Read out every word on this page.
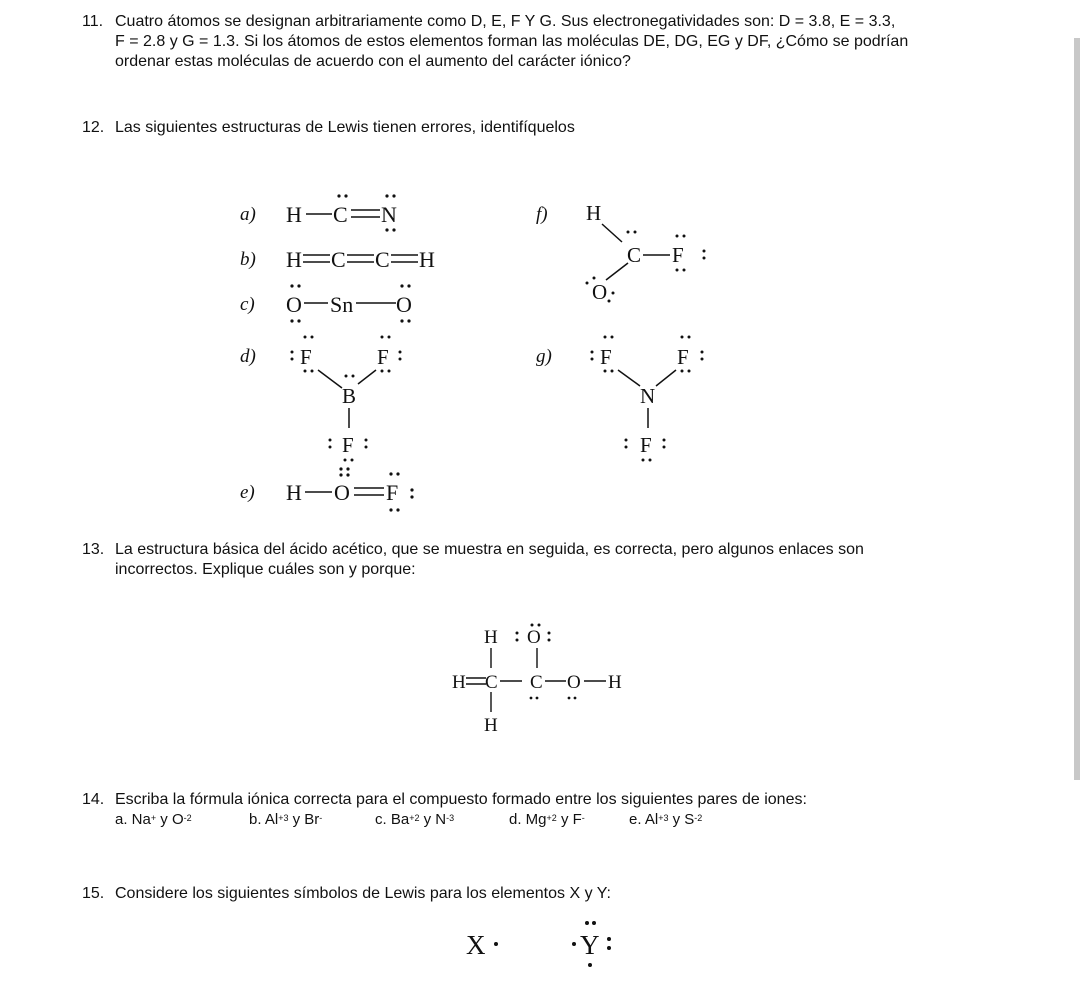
11. Cuatro átomos se designan arbitrariamente como D, E, F Y G. Sus electronegatividades son: D = 3.8, E = 3.3,

F = 2.8 y G = 1.3. Si los átomos de estos elementos forman las moléculas DE, DG, EG y DF, ¿Cómo se podrían

ordenar estas moléculas de acuerdo con el aumento del carácter iónico?

12. Las siguientes estructuras de Lewis tienen errores, identifíquelos

a)
b)
c)
d)
e)
f)
g)
H C N
H C C H
O Sn O
F	F
B
F
H O F
H
C F
O
F	F
N
F
H O
H C C O H
H
X	Y

13. La estructura básica del ácido acético, que se muestra en seguida, es correcta, pero algunos enlaces son

incorrectos. Explique cuáles son y porque:

14. Escriba la fórmula iónica correcta para el compuesto formado entre los siguientes pares de iones:

a. Na+ y $O^{-2}$	b. $Al^{+3}$ y Br-	c. $Ba^{+2}$ y $N^{-3}$	d. $Mg^{+2}$ y F-	e. $Al^{+3}$ y $S^{-2}$

15. Considere los siguientes símbolos de Lewis para los elementos X y Y:
